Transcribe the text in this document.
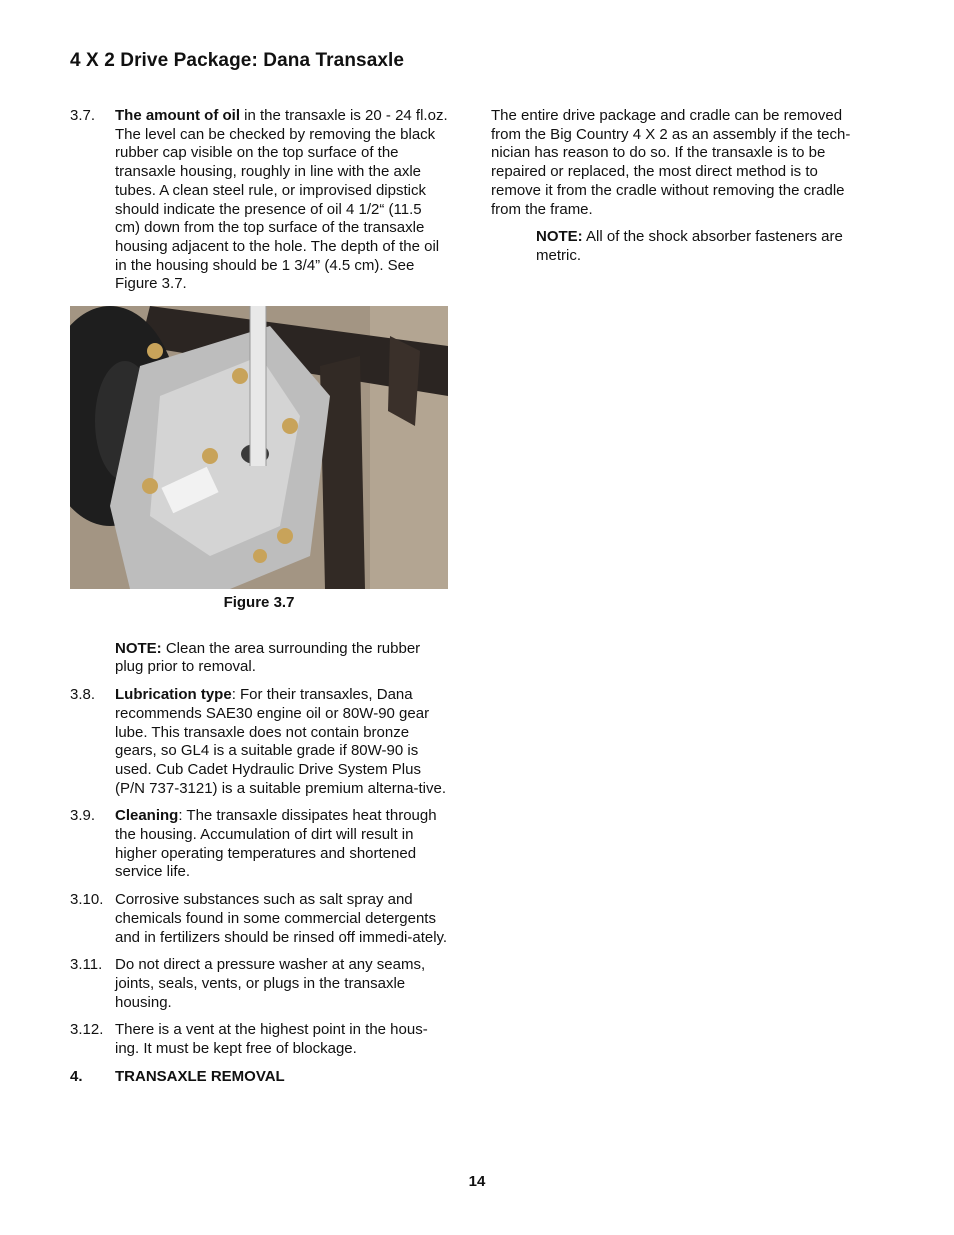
4 X 2 Drive Package: Dana Transaxle
3.7.	The amount of oil in the transaxle is 20 - 24 fl.oz. The level can be checked by removing the black rubber cap visible on the top surface of the transaxle housing, roughly in line with the axle tubes. A clean steel rule, or improvised dipstick should indicate the presence of oil 4 1/2“ (11.5 cm) down from the top surface of the transaxle housing adjacent to the hole. The depth of the oil in the housing should be 1 3/4” (4.5 cm). See Figure 3.7.
Figure 3.7
NOTE: Clean the area surrounding the rubber plug prior to removal.
3.8.	Lubrication type: For their transaxles, Dana recommends SAE30 engine oil or 80W-90 gear lube. This transaxle does not contain bronze gears, so GL4 is a suitable grade if 80W-90 is used. Cub Cadet Hydraulic Drive System Plus (P/N 737-3121) is a suitable premium alterna-tive.
3.9.	Cleaning: The transaxle dissipates heat through the housing. Accumulation of dirt will result in higher operating temperatures and shortened service life.
3.10. Corrosive substances such as salt spray and chemicals found in some commercial detergents and in fertilizers should be rinsed off immedi-ately.
3.11. Do not direct a pressure washer at any seams, joints, seals, vents, or plugs in the transaxle housing.
3.12. There is a vent at the highest point in the hous-ing. It must be kept free of blockage.
4.	TRANSAXLE REMOVAL

The entire drive package and cradle can be removed from the Big Country 4 X 2 as an assembly if the tech-nician has reason to do so. If the transaxle is to be repaired or replaced, the most direct method is to remove it from the cradle without removing the cradle from the frame.

NOTE: All of the shock absorber fasteners are metric.
14
